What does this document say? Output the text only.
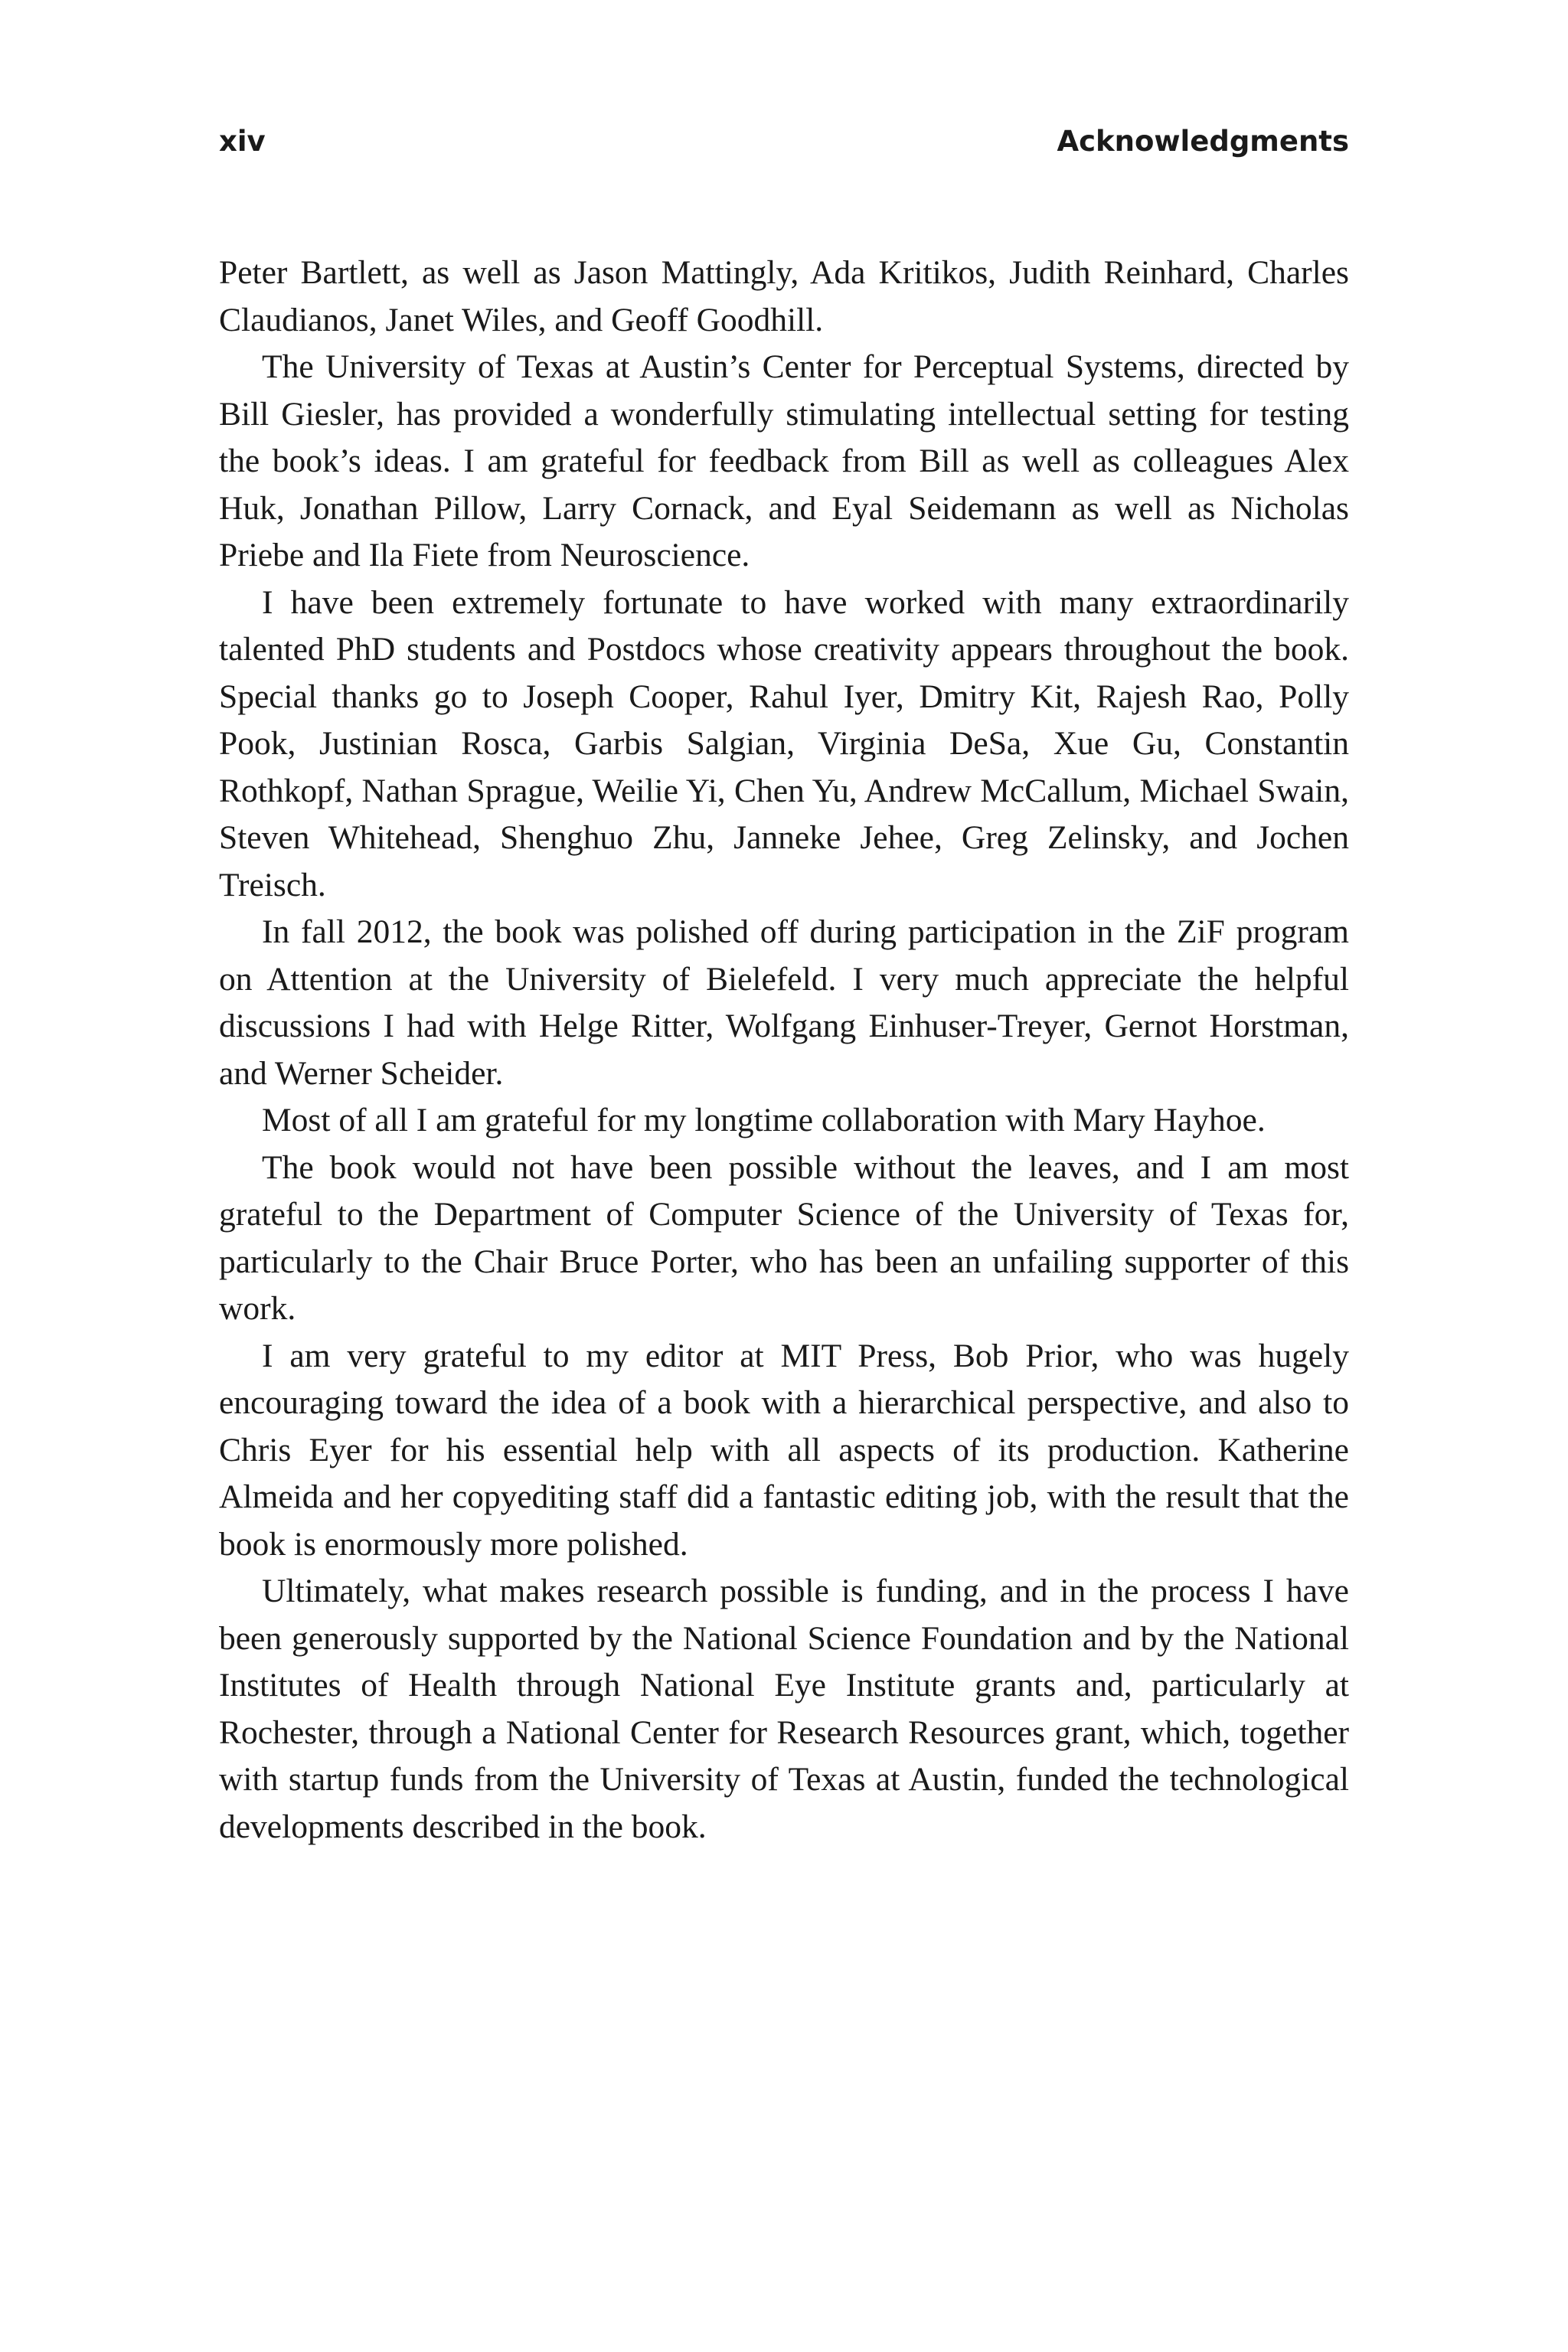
xiv	Acknowledgments

Peter Bartlett, as well as Jason Mattingly, Ada Kritikos, Judith Reinhard, Charles Claudianos, Janet Wiles, and Geoff Goodhill.

The University of Texas at Austin’s Center for Perceptual Systems, directed by Bill Giesler, has provided a wonderfully stimulating intellectual setting for testing the book’s ideas. I am grateful for feedback from Bill as well as colleagues Alex Huk, Jonathan Pillow, Larry Cornack, and Eyal Seidemann as well as Nicholas Priebe and Ila Fiete from Neuroscience.

I have been extremely fortunate to have worked with many extraordinarily talented PhD students and Postdocs whose creativity appears throughout the book. Special thanks go to Joseph Cooper, Rahul Iyer, Dmitry Kit, Rajesh Rao, Polly Pook, Justinian Rosca, Garbis Salgian, Virginia DeSa, Xue Gu, Constantin Rothkopf, Nathan Sprague, Weilie Yi, Chen Yu, Andrew McCallum, Michael Swain, Steven Whitehead, Shenghuo Zhu, Janneke Jehee, Greg Zelinsky, and Jochen Treisch.

In fall 2012, the book was polished off during participation in the ZiF program on Attention at the University of Bielefeld. I very much appreciate the helpful discussions I had with Helge Ritter, Wolfgang Einhuser-Treyer, Gernot Horstman, and Werner Scheider.

Most of all I am grateful for my longtime collaboration with Mary Hayhoe.

The book would not have been possible without the leaves, and I am most grateful to the Department of Computer Science of the University of Texas for, particularly to the Chair Bruce Porter, who has been an unfailing supporter of this work.

I am very grateful to my editor at MIT Press, Bob Prior, who was hugely encouraging toward the idea of a book with a hierarchical perspective, and also to Chris Eyer for his essential help with all aspects of its production. Katherine Almeida and her copyediting staff did a fantastic editing job, with the result that the book is enormously more polished.

Ultimately, what makes research possible is funding, and in the process I have been generously supported by the National Science Foundation and by the National Institutes of Health through National Eye Institute grants and, particularly at Rochester, through a National Center for Research Resources grant, which, together with startup funds from the University of Texas at Austin, funded the technological developments described in the book.
